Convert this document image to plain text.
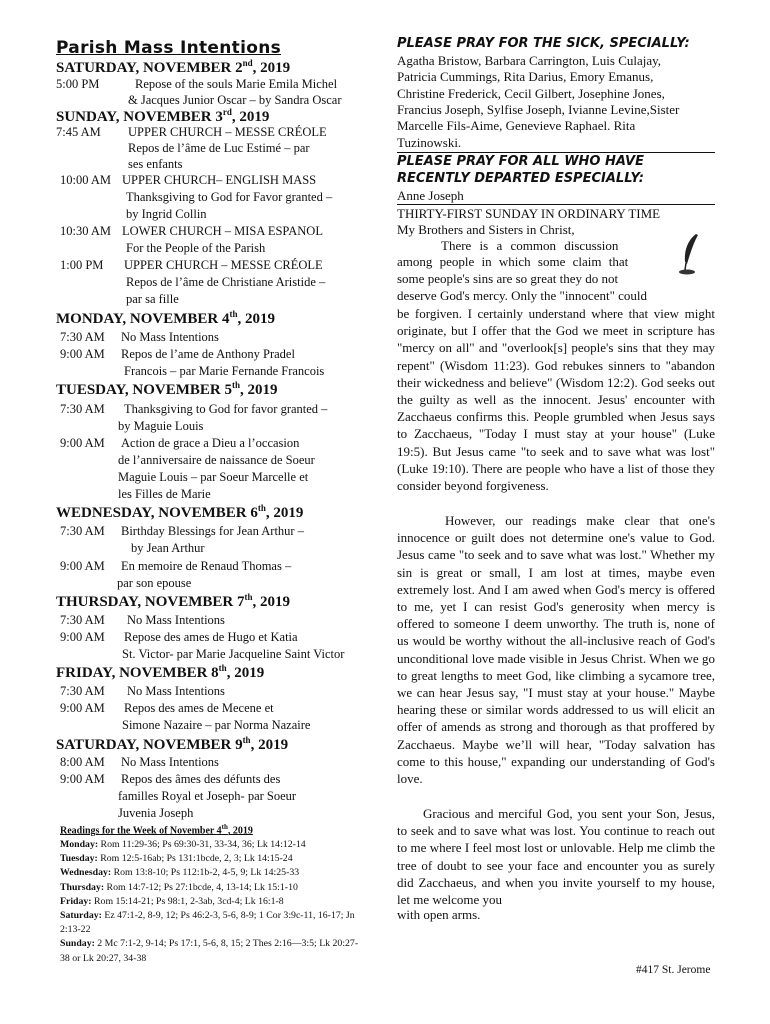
Parish Mass Intentions	PLEASE PRAY FOR THE SICK, SPECIALLY:
PLEASE PRAY FOR ALL WHO HAVE
RECENTLY DEPARTED ESPECIALLY:
Anne Joseph
THIRTY-FIRST SUNDAY IN ORDINARY TIME
My Brothers and Sisters in Christ,
be forgiven. I certainly understand where that view might originate, but I offer that the God we meet in scripture has "mercy on all" and "overlook[s] people's sins that they may repent" (Wisdom 11:23). God rebukes sinners to "abandon their wickedness and believe" (Wisdom 12:2). God seeks out the guilty as well as the innocent. Jesus' encounter with Zacchaeus confirms this. People grumbled when Jesus says to Zacchaeus, "Today I must stay at your house" (Luke 19:5). But Jesus came "to seek and to save what was lost" (Luke 19:10). There are people who have a list of those they consider beyond forgiveness.
However, our readings make clear that one's innocence or guilt does not determine one's value to God. Jesus came "to seek and to save what was lost." Whether my sin is great or small, I am lost at times, maybe even extremely lost. And I am awed when God's mercy is offered to me, yet I can resist God's generosity when mercy is offered to someone I deem unworthy. The truth is, none of us would be worthy without the all-inclusive reach of God's unconditional love made visible in Jesus Christ. When we go to great lengths to meet God, like climbing a sycamore tree, we can hear Jesus say, "I must stay at your house." Maybe hearing these or similar words addressed to us will elicit an offer of amends as strong and thorough as that proffered by Zacchaeus. Maybe we’ll will hear, "Today salvation has come to this house," expanding our understanding of God's love.
Gracious and merciful God, you sent your Son, Jesus, to seek and to save what was lost. You continue to reach out to me where I feel most lost or unlovable. Help me climb the tree of doubt to see your face and encounter you as surely did Zacchaeus, and when you invite yourself to my house, let me welcome you
with open arms.
#417 St. Jerome
SATURDAY, NOVEMBER 2nd, 2019
5:00 PM	Repose of the souls Marie Emila Michel
& Jacques Junior Oscar – by Sandra Oscar
SUNDAY, NOVEMBER 3rd, 2019
7:45 AM UPPER CHURCH – MESSE CRÉOLE
Repos de l’âme de Luc Estimé – par
ses enfants
10:00 AM UPPER CHURCH– ENGLISH MASS
Thanksgiving to God for Favor granted –
by Ingrid Collin
10:30 AM LOWER CHURCH – MISA ESPANOL
For the People of the Parish
1:00 PM UPPER CHURCH – MESSE CRÉOLE
Repos de l’âme de Christiane Aristide –
par sa fille
MONDAY, NOVEMBER 4th, 2019
7:30 AM No Mass Intentions
9:00 AM Repos de l’ame de Anthony Pradel
Francois – par Marie Fernande Francois
TUESDAY, NOVEMBER 5th, 2019
7:30 AM Thanksgiving to God for favor granted –
by Maguie Louis
9:00 AM Action de grace a Dieu a l’occasion
de l’anniversaire de naissance de Soeur
Maguie Louis – par Soeur Marcelle et
les Filles de Marie
WEDNESDAY, NOVEMBER 6th, 2019
7:30 AM Birthday Blessings for Jean Arthur –
by Jean Arthur
9:00 AM En memoire de Renaud Thomas –
par son epouse
THURSDAY, NOVEMBER 7th, 2019
7:30 AM No Mass Intentions
9:00 AM Repose des ames de Hugo et Katia
St. Victor- par Marie Jacqueline Saint Victor
FRIDAY, NOVEMBER 8th, 2019
7:30 AM No Mass Intentions
9:00 AM Repos des ames de Mecene et
Simone Nazaire – par Norma Nazaire
SATURDAY, NOVEMBER 9th, 2019
8:00 AM No Mass Intentions
9:00 AM Repos des âmes des défunts des
familles Royal et Joseph- par Soeur
Juvenia Joseph
Readings for the Week of November 4th, 2019
Monday: Rom 11:29-36; Ps 69:30-31, 33-34, 36; Lk 14:12-14
Tuesday: Rom 12:5-16ab; Ps 131:1bcde, 2, 3; Lk 14:15-24
Wednesday: Rom 13:8-10; Ps 112:1b-2, 4-5, 9; Lk 14:25-33
Thursday: Rom 14:7-12; Ps 27:1bcde, 4, 13-14; Lk 15:1-10
Friday: Rom 15:14-21; Ps 98:1, 2-3ab, 3cd-4; Lk 16:1-8
Saturday: Ez 47:1-2, 8-9, 12; Ps 46:2-3, 5-6, 8-9; 1 Cor 3:9c-11, 16-17; Jn
2:13-22
Sunday: 2 Mc 7:1-2, 9-14; Ps 17:1, 5-6, 8, 15; 2 Thes 2:16—3:5; Lk 20:27-
38 or Lk 20:27, 34-38
Agatha Bristow, Barbara Carrington, Luis Culajay,
Patricia Cummings, Rita Darius, Emory Emanus,
Christine Frederick, Cecil Gilbert, Josephine Jones,
Francius Joseph, Sylfise Joseph, Ivianne Levine,Sister
Marcelle Fils-Aime, Genevieve Raphael. Rita
Tuzinowski.
There is a common discussion
among people in which some claim that
some people's sins are so great they do not
deserve God's mercy. Only the "innocent" could
